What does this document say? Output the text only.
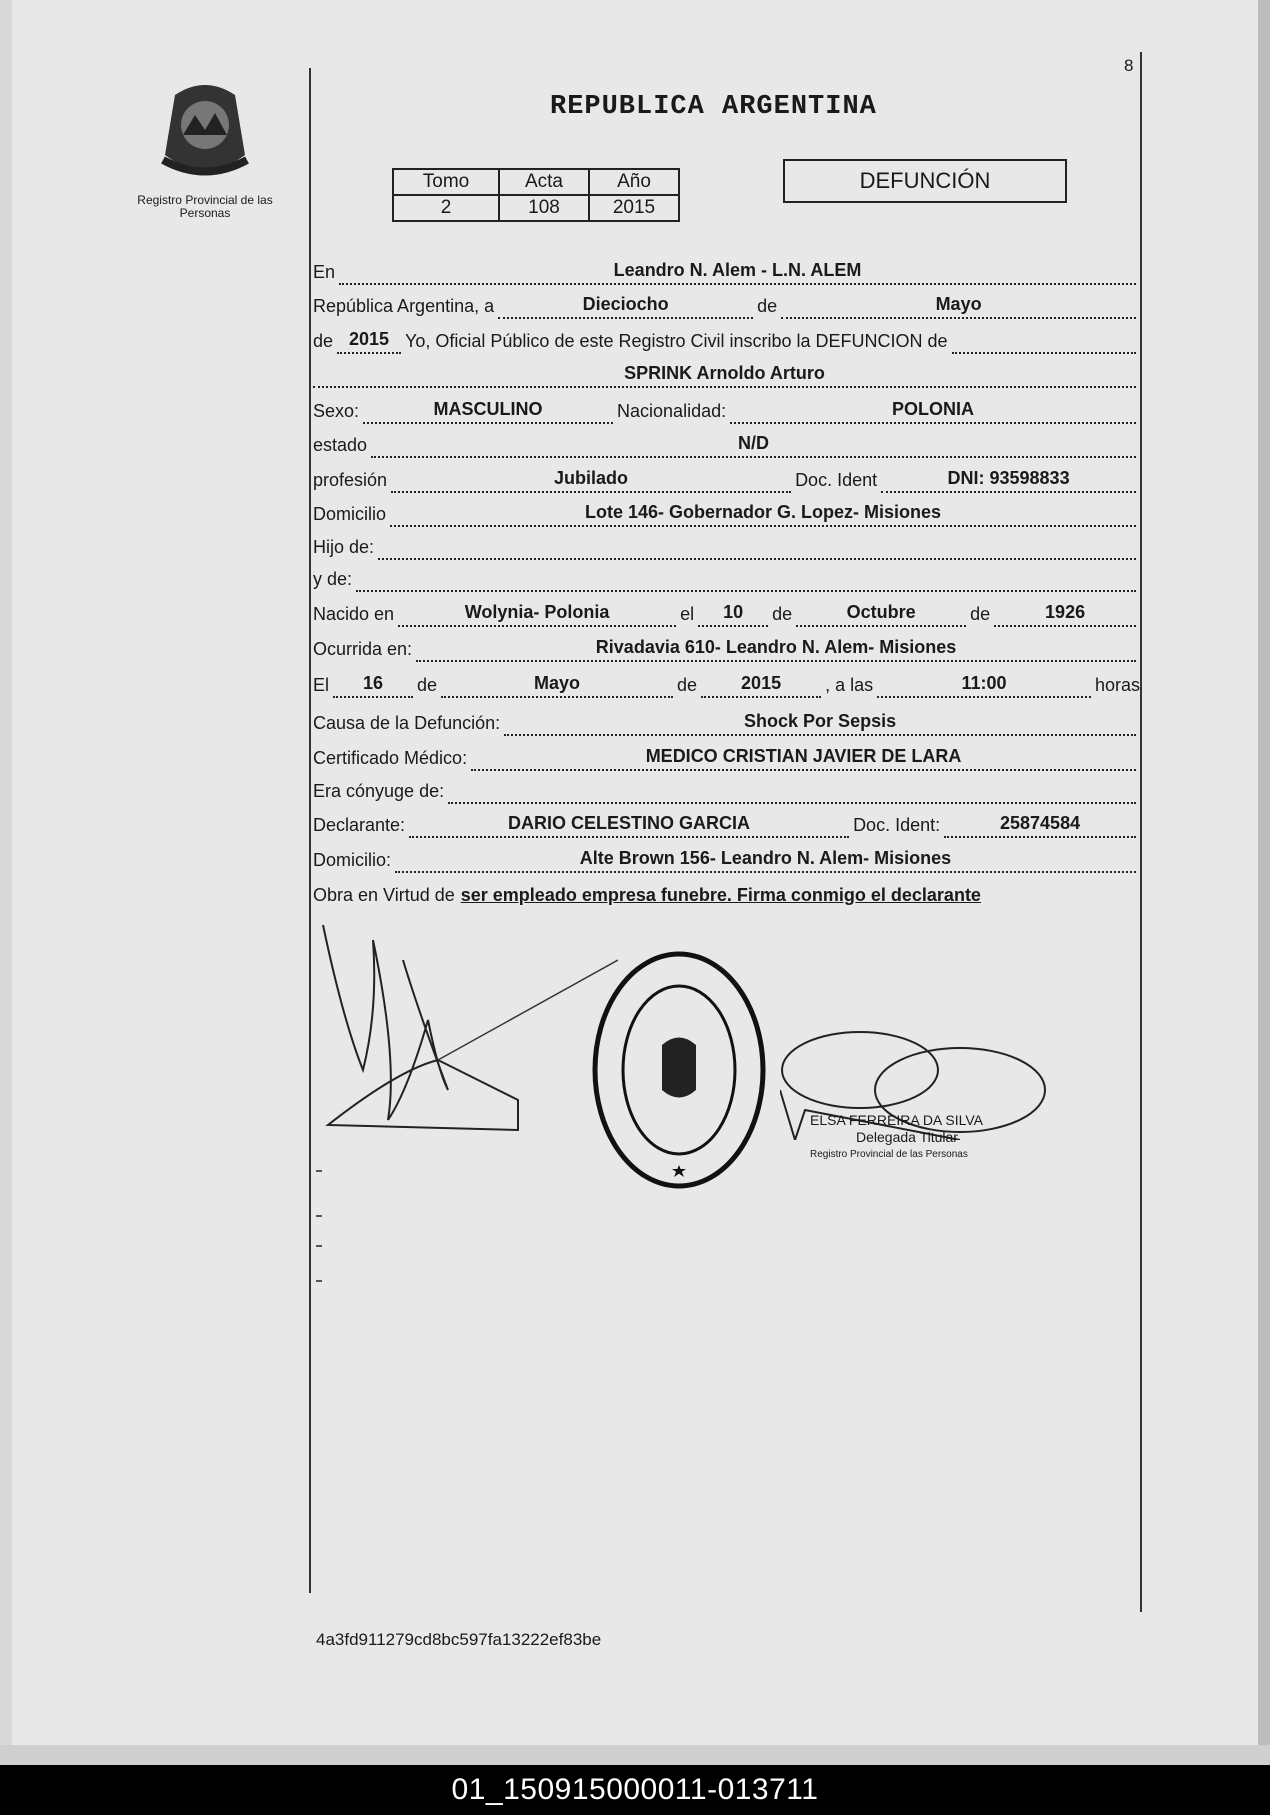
8
Registro Provincial de las Personas
REPUBLICA ARGENTINA
Tomo	Acta	Año
2	108	2015
DEFUNCIÓN
En	Leandro N. Alem - L.N. ALEM
República Argentina, a	Dieciocho	de	Mayo
de 2015 Yo, Oficial Público de este Registro Civil inscribo la DEFUNCION de
SPRINK Arnoldo Arturo
Sexo:	MASCULINO	Nacionalidad:	POLONIA
estado	N/D
profesión	Jubilado	Doc. Ident	DNI: 93598833
Domicilio	Lote 146- Gobernador G. Lopez- Misiones
Hijo de:
y de:
Nacido en	Wolynia- Polonia	el	10	de	Octubre	de	1926
Ocurrida en:	Rivadavia 610- Leandro N. Alem- Misiones
El	16	de	Mayo	de	2015	, a las	11:00	horas
Causa de la Defunción:	Shock Por Sepsis
Certificado Médico:	MEDICO CRISTIAN JAVIER DE LARA
Era cónyuge de:
Declarante:	DARIO CELESTINO GARCIA	Doc. Ident:	25874584
Domicilio:	Alte Brown 156- Leandro N. Alem- Misiones
Obra en Virtud de ser empleado empresa funebre. Firma conmigo el declarante
ELSA FERREIRA DA SILVA
Delegada Titular
Registro Provincial de las Personas
4a3fd911279cd8bc597fa13222ef83be
01_150915000011-013711
